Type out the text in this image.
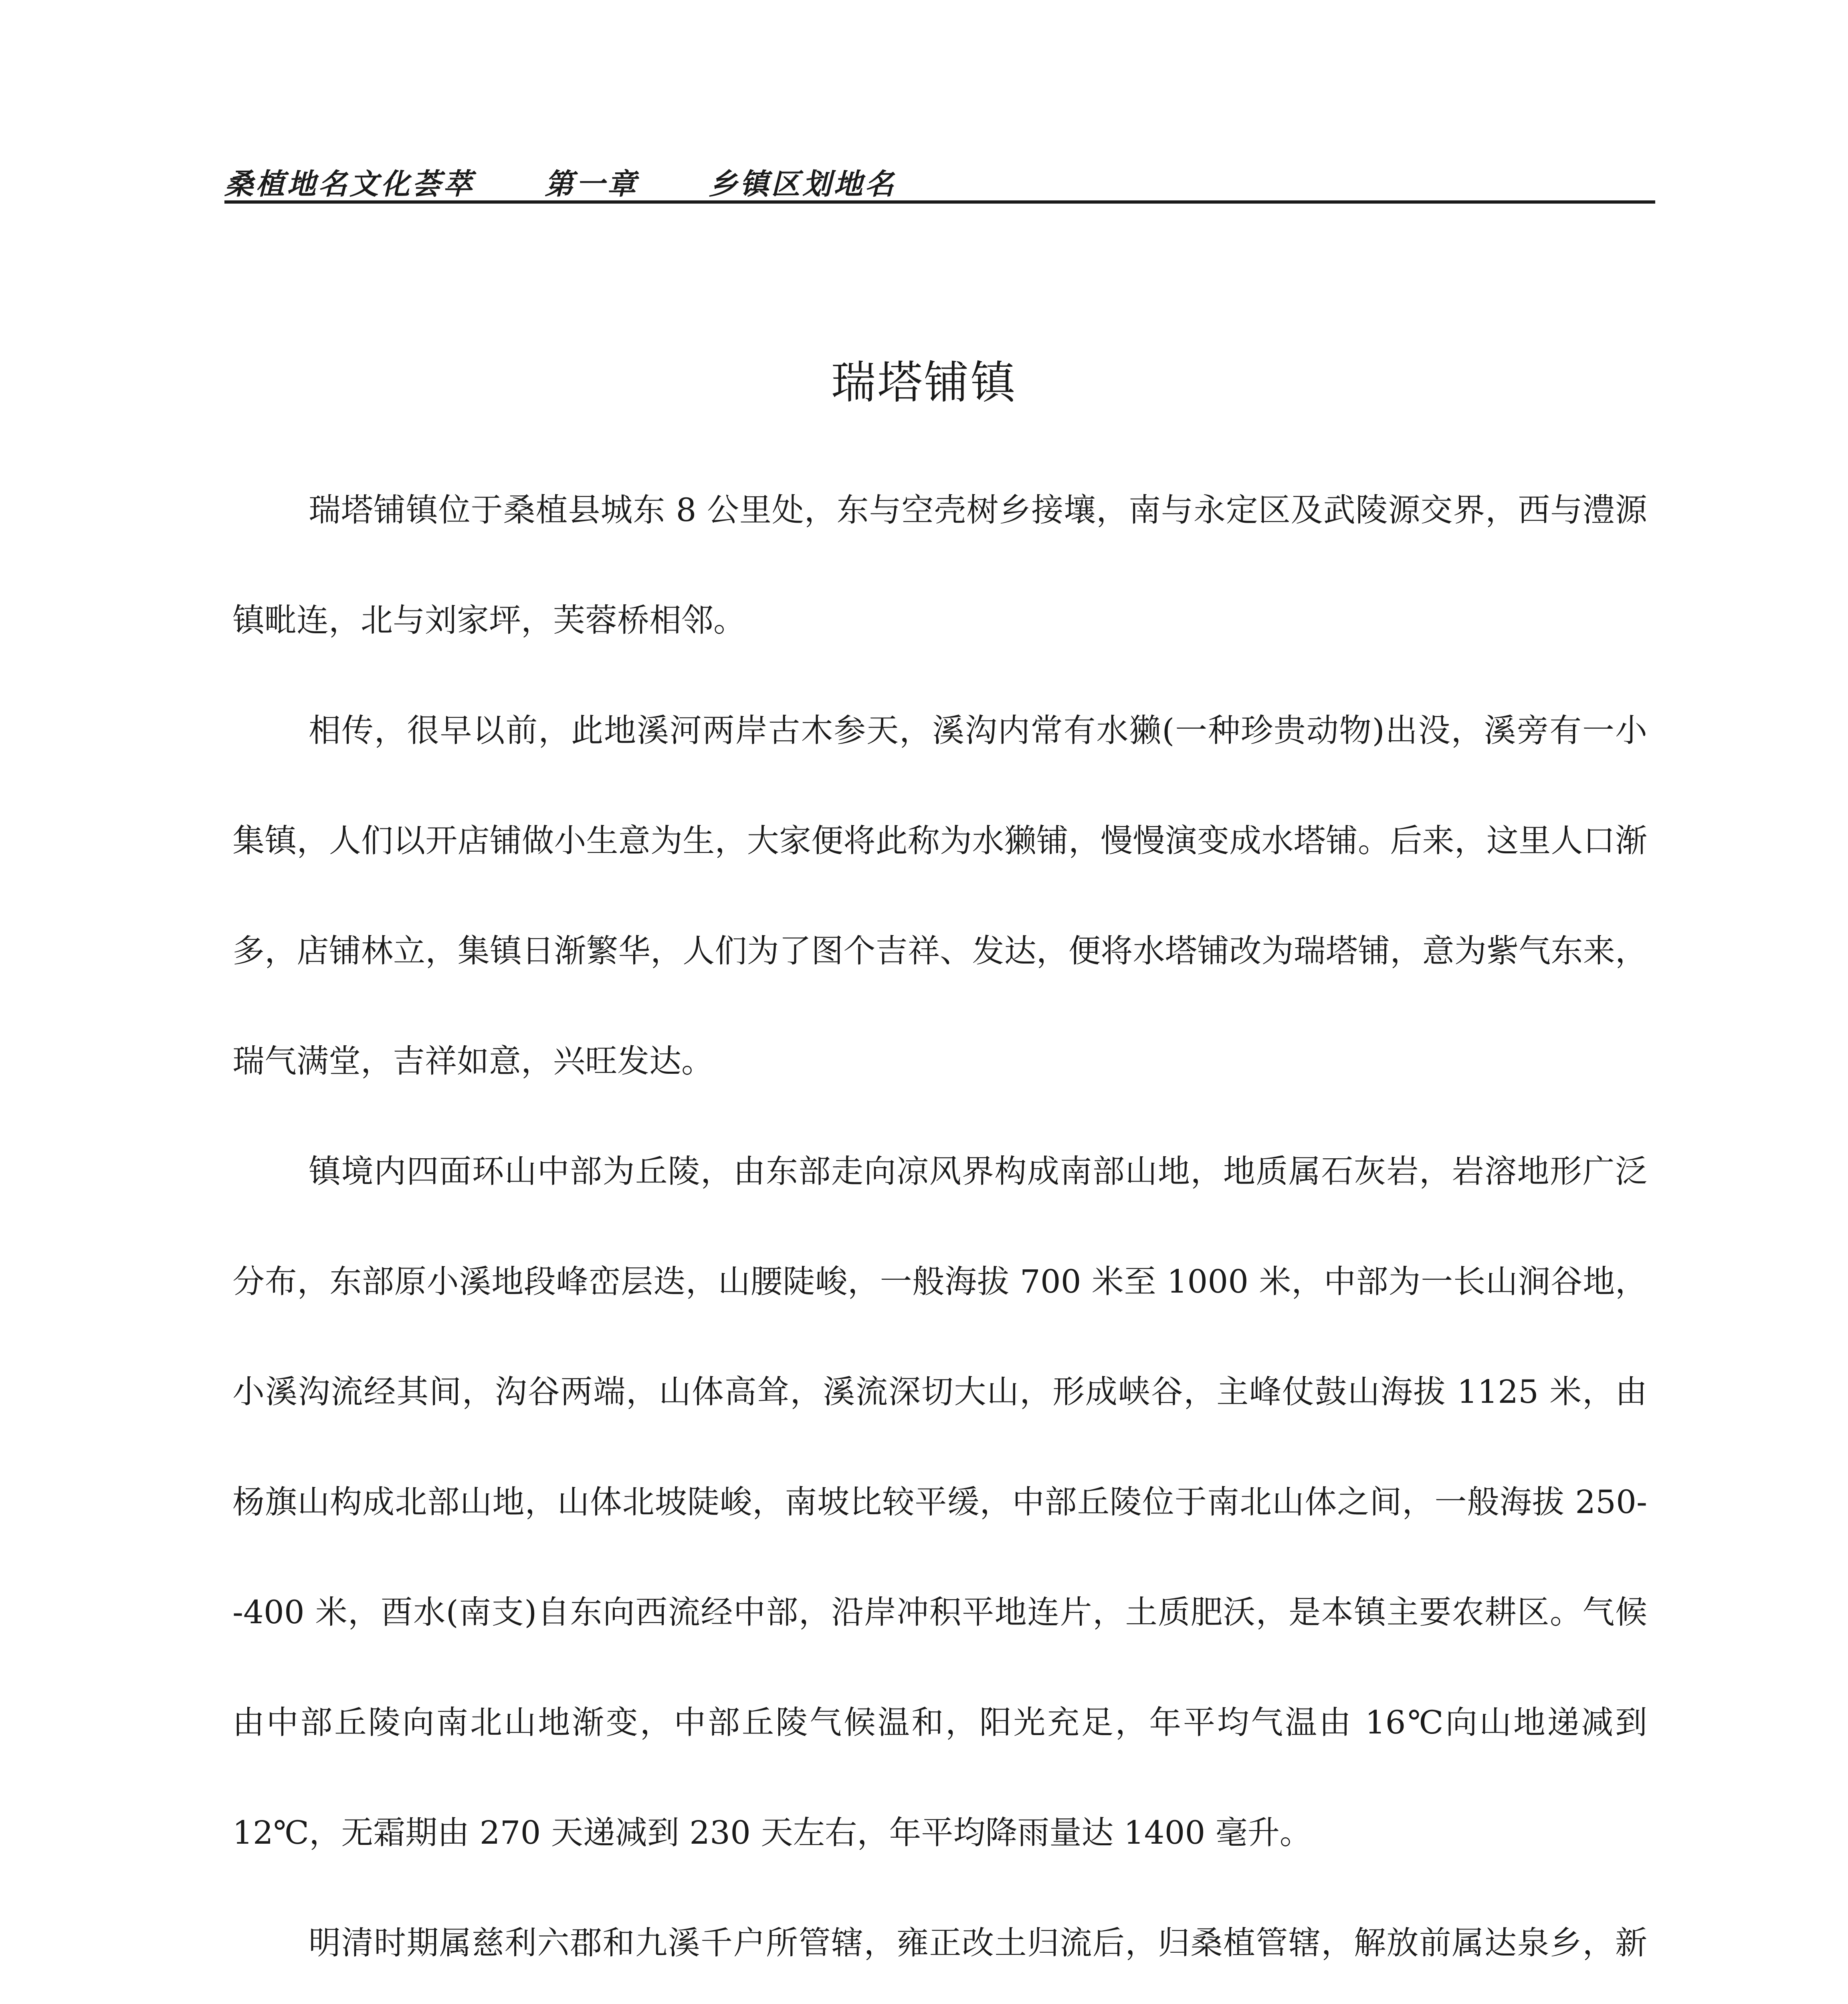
桑植地名文化荟萃 第一章 乡镇区划地名
瑞塔铺镇

瑞塔铺镇位于桑植县城东 8 公里处，东与空壳树乡接壤，南与永定区及武陵源交界，西与澧源镇毗连，北与刘家坪，芙蓉桥相邻。

相传，很早以前，此地溪河两岸古木参天，溪沟内常有水獭(一种珍贵动物)出没，溪旁有一小集镇，人们以开店铺做小生意为生，大家便将此称为水獭铺，慢慢演变成水塔铺。后来，这里人口渐多，店铺林立，集镇日渐繁华，人们为了图个吉祥、发达，便将水塔铺改为瑞塔铺，意为紫气东来，瑞气满堂，吉祥如意，兴旺发达。

镇境内四面环山中部为丘陵，由东部走向凉风界构成南部山地，地质属石灰岩，岩溶地形广泛分布，东部原小溪地段峰峦层迭，山腰陡峻，一般海拔 700 米至 1000 米，中部为一长山涧谷地，小溪沟流经其间，沟谷两端，山体高耸，溪流深切大山，形成峡谷，主峰仗鼓山海拔 1125 米，由杨旗山构成北部山地，山体北坡陡峻，南坡比较平缓，中部丘陵位于南北山体之间，一般海拔 250--400 米，酉水(南支)自东向西流经中部，沿岸冲积平地连片，土质肥沃，是本镇主要农耕区。气候由中部丘陵向南北山地渐变，中部丘陵气候温和，阳光充足，年平均气温由 16℃向山地递减到 12℃，无霜期由 270 天递减到 230 天左右，年平均降雨量达 1400 毫升。

明清时期属慈利六郡和九溪千户所管辖，雍正改土归流后，归桑植管辖，解放前属达泉乡，新
